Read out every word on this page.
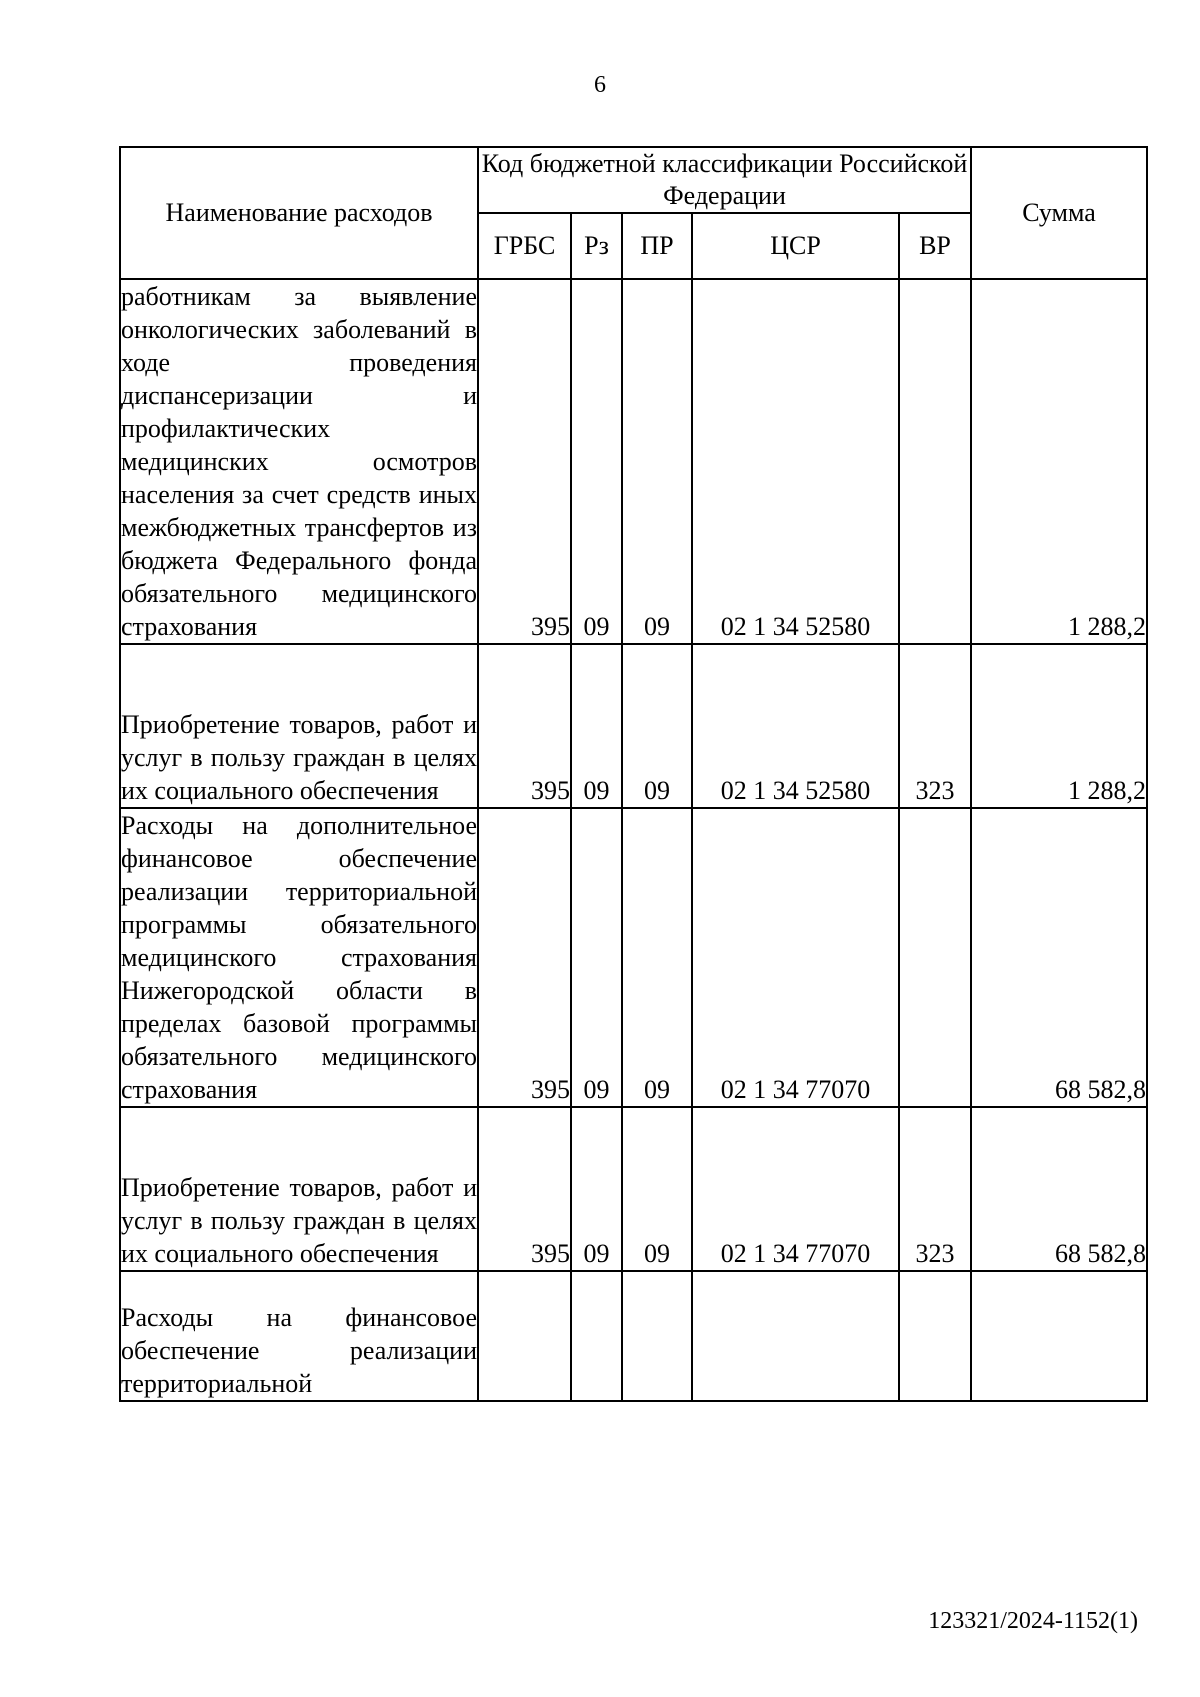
6
Наименование расходов	Код бюджетной классификации Российской Федерации					Сумма
	ГРБС	Рз	ПР	ЦСР	ВР	
работникам за выявление онкологических заболеваний в ходе проведения диспансеризации и профилактических медицинских осмотров населения за счет средств иных межбюджетных трансфертов из бюджета Федерального фонда обязательного медицинского страхования	395	09	09	02 1 34 52580		1 288,2
Приобретение товаров, работ и услуг в пользу граждан в целях их социального обеспечения	395	09	09	02 1 34 52580	323	1 288,2
Расходы на дополнительное финансовое обеспечение реализации территориальной программы обязательного медицинского страхования Нижегородской области в пределах базовой программы обязательного медицинского страхования	395	09	09	02 1 34 77070		68 582,8
Приобретение товаров, работ и услуг в пользу граждан в целях их социального обеспечения	395	09	09	02 1 34 77070	323	68 582,8
Расходы на финансовое обеспечение реализации территориальной						
123321/2024-1152(1)
